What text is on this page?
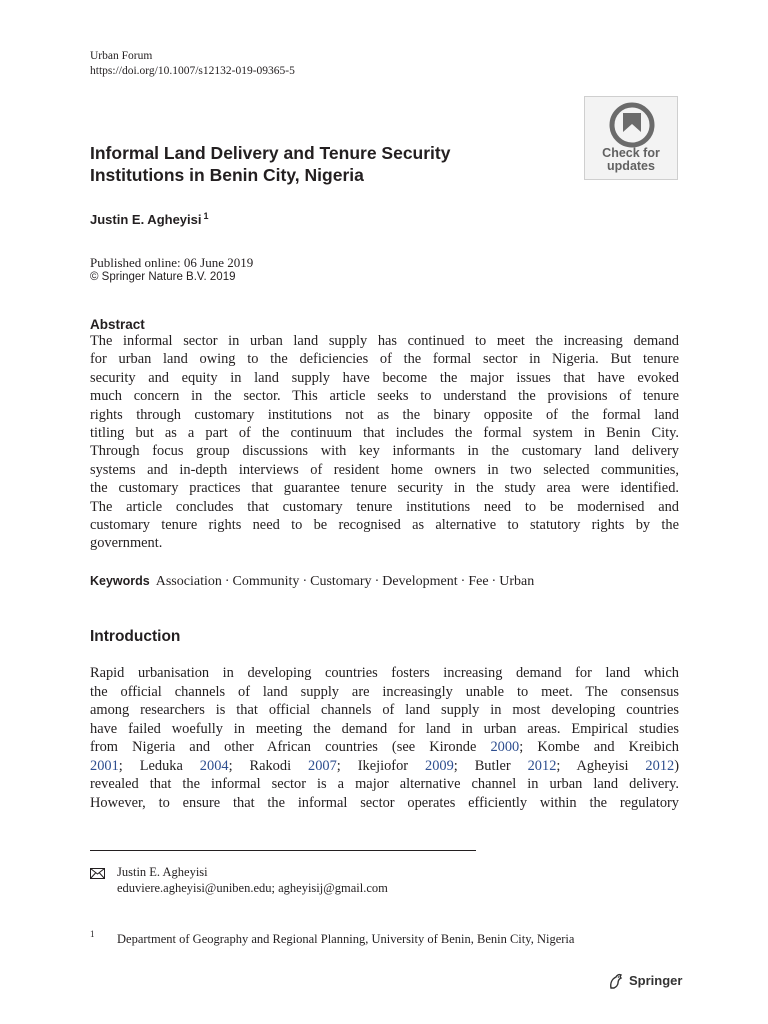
Urban Forum
https://doi.org/10.1007/s12132-019-09365-5
Check for
updates
Informal Land Delivery and Tenure Security
Institutions in Benin City, Nigeria
Justin E. Agheyisi $^1$
Published online: 06 June 2019
© Springer Nature B.V. 2019
Abstract
The informal sector in urban land supply has continued to meet the increasing demand
for urban land owing to the deficiencies of the formal sector in Nigeria. But tenure
security and equity in land supply have become the major issues that have evoked
much concern in the sector. This article seeks to understand the provisions of tenure
rights through customary institutions not as the binary opposite of the formal land
titling but as a part of the continuum that includes the formal system in Benin City.
Through focus group discussions with key informants in the customary land delivery
systems and in-depth interviews of resident home owners in two selected communities,
the customary practices that guarantee tenure security in the study area were identified.
The article concludes that customary tenure institutions need to be modernised and
customary tenure rights need to be recognised as alternative to statutory rights by the
government.
Keywords Association · Community · Customary · Development · Fee · Urban
Introduction
Rapid urbanisation in developing countries fosters increasing demand for land which
the official channels of land supply are increasingly unable to meet. The consensus
among researchers is that official channels of land supply in most developing countries
have failed woefully in meeting the demand for land in urban areas. Empirical studies
from Nigeria and other African countries (see Kironde 2000; Kombe and Kreibich
2001; Leduka 2004; Rakodi 2007; Ikejiofor 2009; Butler 2012; Agheyisi 2012)
revealed that the informal sector is a major alternative channel in urban land delivery.
However, to ensure that the informal sector operates efficiently within the regulatory
Justin E. Agheyisi
eduviere.agheyisi@uniben.edu; agheyisij@gmail.com
1 Department of Geography and Regional Planning, University of Benin, Benin City, Nigeria
Springer
